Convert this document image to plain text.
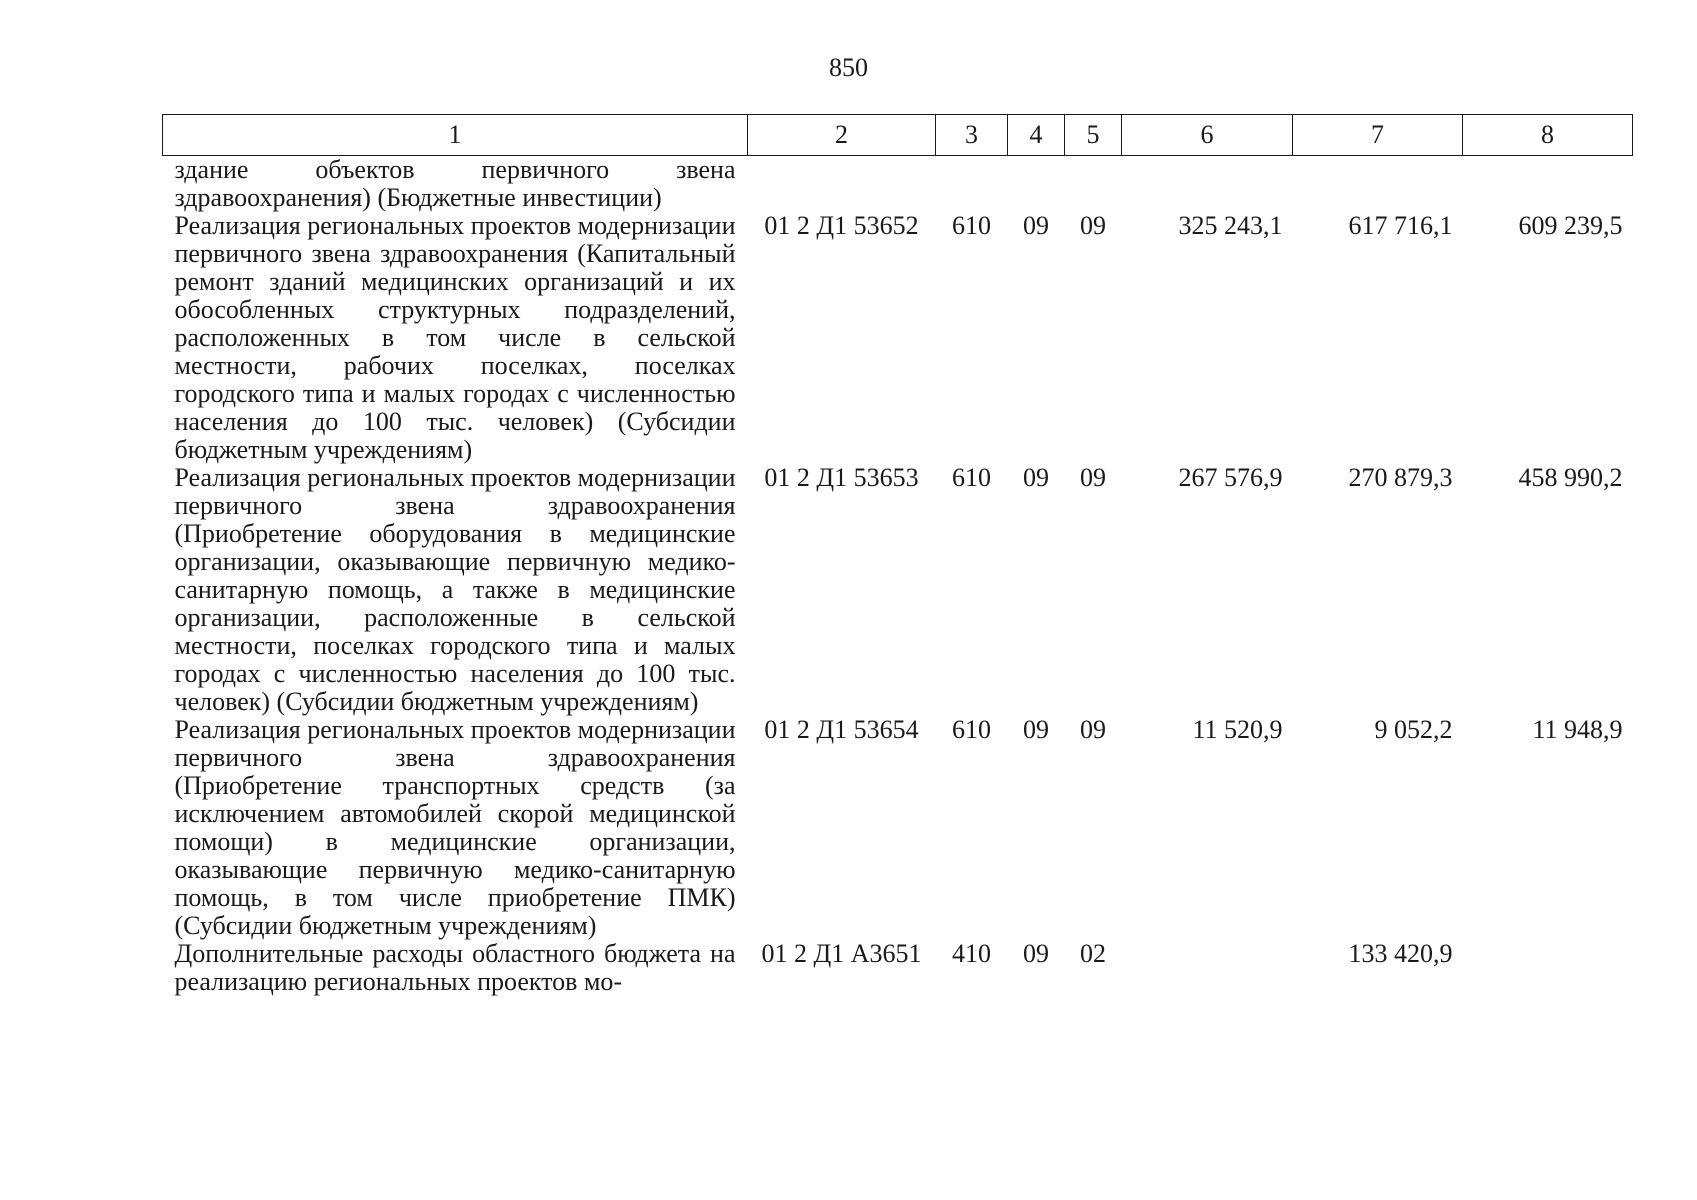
850
1	2	3	4	5	6	7	8
здание объектов первичного звена здравоохранения) (Бюджетные инвестиции)							
Реализация региональных проектов модернизации первичного звена здравоохранения (Капитальный ремонт зданий медицинских организаций и их обособленных структурных подразделений, расположенных в том числе в сельской местности, рабочих поселках, поселках городского типа и малых городах с численностью населения до 100 тыс. человек) (Субсидии бюджетным учреждениям)	01 2 Д1 53652	610	09	09	325 243,1	617 716,1	609 239,5
Реализация региональных проектов модернизации первичного звена здравоохранения (Приобретение оборудования в медицинские организации, оказывающие первичную медико-санитарную помощь, а также в медицинские организации, расположенные в сельской местности, поселках городского типа и малых городах с численностью населения до 100 тыс. человек) (Субсидии бюджетным учреждениям)	01 2 Д1 53653	610	09	09	267 576,9	270 879,3	458 990,2
Реализация региональных проектов модернизации первичного звена здравоохранения (Приобретение транспортных средств (за исключением автомобилей скорой медицинской помощи) в медицинские организации, оказывающие первичную медико-санитарную помощь, в том числе приобретение ПМК) (Субсидии бюджетным учреждениям)	01 2 Д1 53654	610	09	09	11 520,9	9 052,2	11 948,9
Дополнительные расходы областного бюджета на реализацию региональных проектов мо-	01 2 Д1 А3651	410	09	02		133 420,9	
